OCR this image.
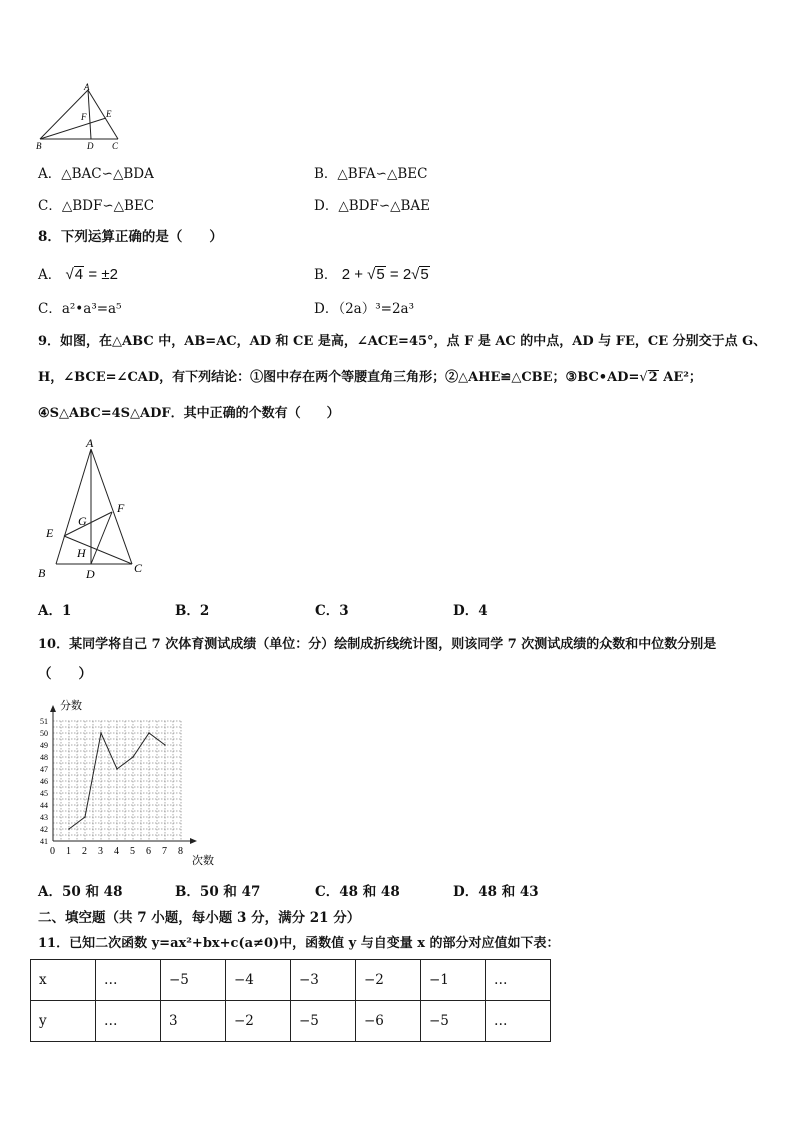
A
E
F
B	D C
A．△BAC∽△BDA	B．△BFA∽△BEC
C．△BDF∽△BEC	D．△BDF∽△BAE
8．下列运算正确的是（　　）
A． √4 = ±2	B． 2 + √5 = 2√5
C．a²•a³=a⁵	D．（2a）³=2a³
9．如图，在△ABC 中，AB=AC，AD 和 CE 是高，∠ACE=45°，点 F 是 AC 的中点，AD 与 FE，CE 分别交于点 G、
H，∠BCE=∠CAD，有下列结论：①图中存在两个等腰直角三角形；②△AHE≌△CBE；③BC•AD=√2 AE²；
④S△ABC=4S△ADF．其中正确的个数有（　　）
A
F
G
E
H
B	D	C
A．1	B．2	C．3	D．4
10．某同学将自己 7 次体育测试成绩（单位：分）绘制成折线统计图，则该同学 7 次测试成绩的众数和中位数分别是
（　　）
0 1 2 3 4 5 6 7 8
41
42
43
44
45
46
47
48
49
50
51
分数
次数
A．50 和 48	B．50 和 47	C．48 和 48	D．48 和 43
二、填空题（共 7 小题，每小题 3 分，满分 21 分）
11．已知二次函数 y=ax²+bx+c(a≠0)中，函数值 y 与自变量 x 的部分对应值如下表：
x	…	−5	−4	−3	−2	−1	…
y	…	3	−2	−5	−6	−5	…
